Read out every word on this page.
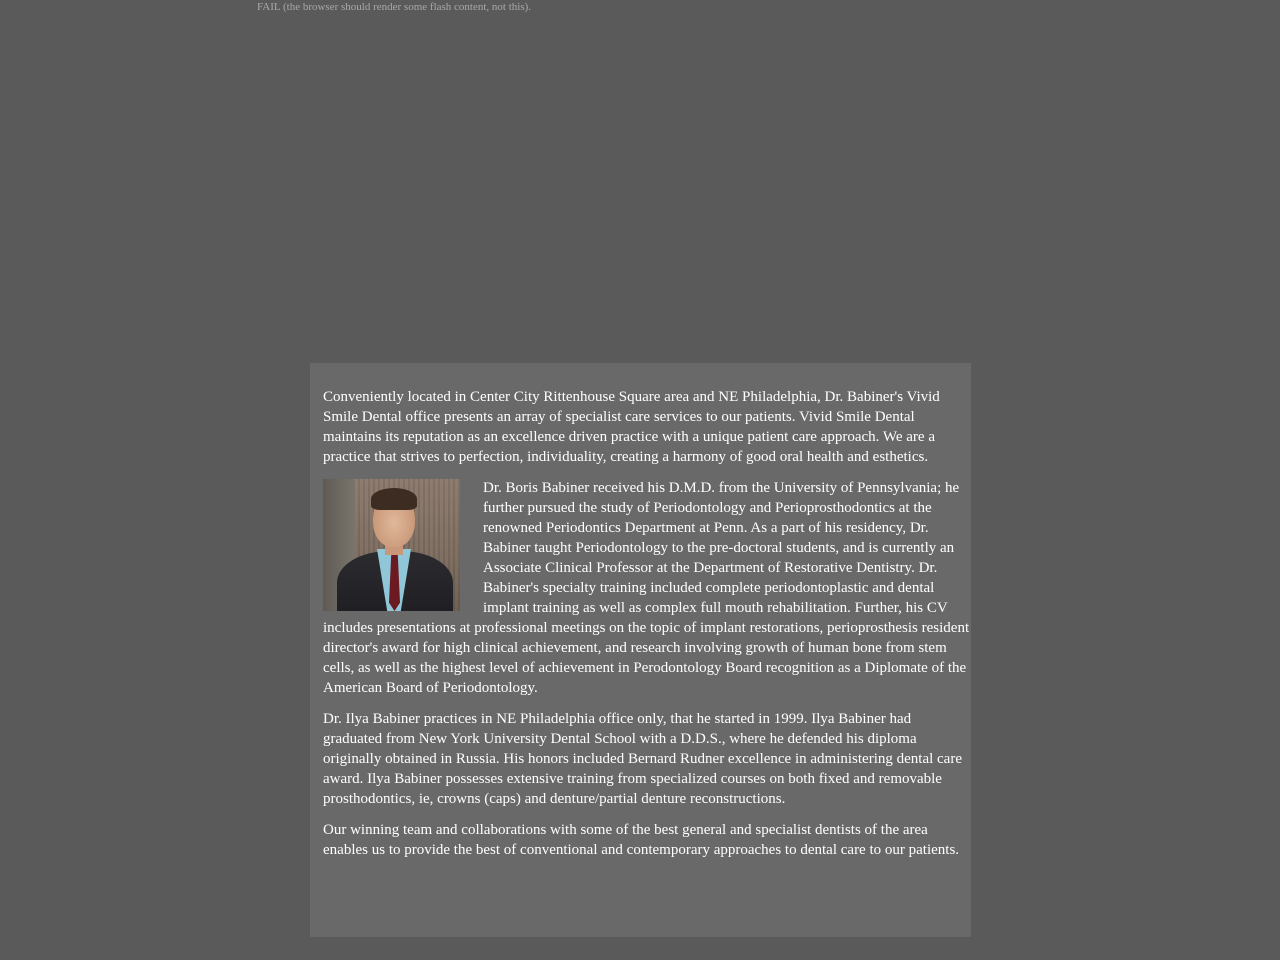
FAIL (the browser should render some flash content, not this).

Conveniently located in Center City Rittenhouse Square area and NE Philadelphia, Dr. Babiner's Vivid Smile Dental office presents an array of specialist care services to our patients. Vivid Smile Dental maintains its reputation as an excellence driven practice with a unique patient care approach. We are a practice that strives to perfection, individuality, creating a harmony of good oral health and esthetics.

Dr. Boris Babiner received his D.M.D. from the University of Pennsylvania; he further pursued the study of Periodontology and Perioprosthodontics at the renowned Periodontics Department at Penn. As a part of his residency, Dr. Babiner taught Periodontology to the pre-doctoral students, and is currently an Associate Clinical Professor at the Department of Restorative Dentistry. Dr. Babiner's specialty training included complete periodontoplastic and dental implant training as well as complex full mouth rehabilitation. Further, his CV includes presentations at professional meetings on the topic of implant restorations, perioprosthesis resident director's award for high clinical achievement, and research involving growth of human bone from stem cells, as well as the highest level of achievement in Perodontology Board recognition as a Diplomate of the American Board of Periodontology.

Dr. Ilya Babiner practices in NE Philadelphia office only, that he started in 1999. Ilya Babiner had graduated from New York University Dental School with a D.D.S., where he defended his diploma originally obtained in Russia. His honors included Bernard Rudner excellence in administering dental care award. Ilya Babiner possesses extensive training from specialized courses on both fixed and removable prosthodontics, ie, crowns (caps) and denture/partial denture reconstructions.

Our winning team and collaborations with some of the best general and specialist dentists of the area enables us to provide the best of conventional and contemporary approaches to dental care to our patients.
